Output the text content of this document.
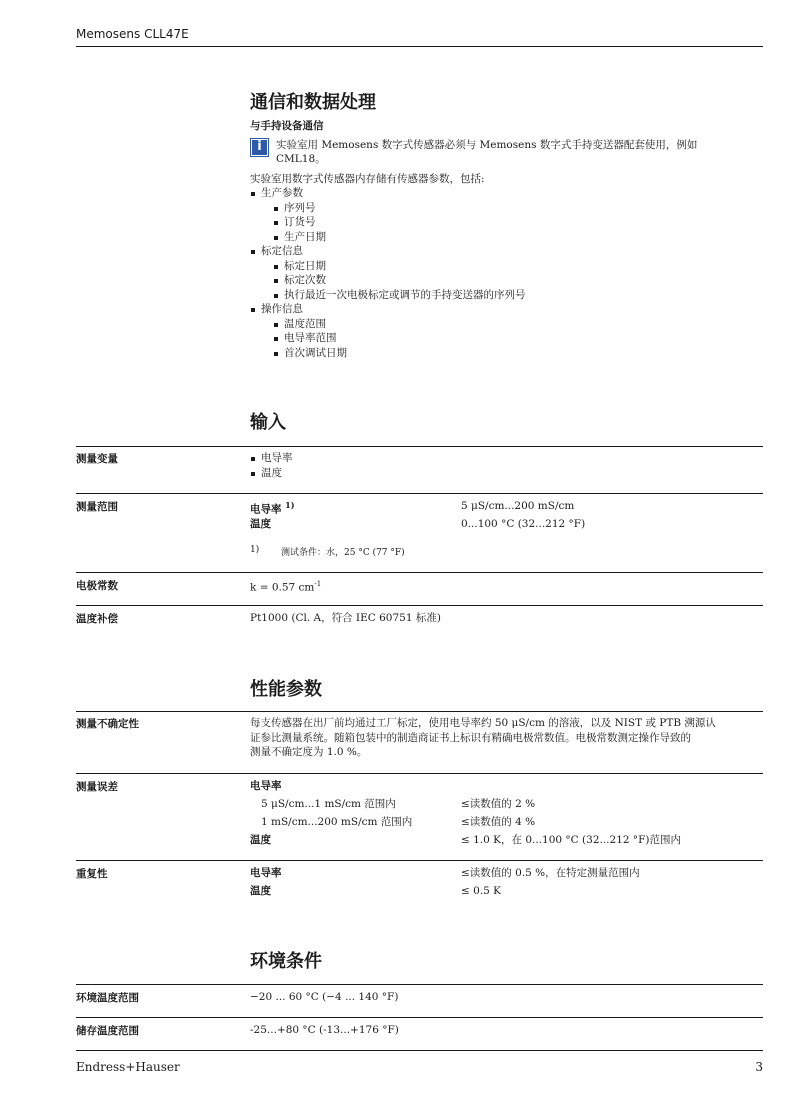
Memosens CLL47E
通信和数据处理
与手持设备通信
i	实验室用 Memosens 数字式传感器必须与 Memosens 数字式手持变送器配套使用，例如
CML18。
实验室用数字式传感器内存储有传感器参数，包括:
生产参数
序列号
订货号
生产日期
标定信息
标定日期
标定次数
执行最近一次电极标定或调节的手持变送器的序列号
操作信息
温度范围
电导率范围
首次调试日期
输入
测量变量	电导率
温度
测量范围	电导率 $^{1)}$	5 μS/cm...200 mS/cm
温度	0...100 °C (32...212 °F)
1) 测试条件：水，25 °C (77 °F)
电极常数	k = 0.57 $cm^{-1}$
温度补偿	Pt1000 (Cl. A，符合 IEC 60751 标准)
性能参数
测量不确定性	每支传感器在出厂前均通过工厂标定，使用电导率约 50 μS/cm 的溶液，以及 NIST 或 PTB 溯源认
证参比测量系统。随箱包装中的制造商证书上标识有精确电极常数值。电极常数测定操作导致的
测量不确定度为 1.0 %。
测量误差	电导率
5 μS/cm...1 mS/cm 范围内	≤读数值的 2 %
1 mS/cm...200 mS/cm 范围内	≤读数值的 4 %
温度	≤ 1.0 K，在 0...100 °C (32...212 °F)范围内
重复性	电导率	≤读数值的 0.5 %，在特定测量范围内
温度	≤ 0.5 K
环境条件
环境温度范围	−20 ... 60 °C (−4 ... 140 °F)
储存温度范围	-25...+80 °C (-13...+176 °F)
Endress+Hauser	3
